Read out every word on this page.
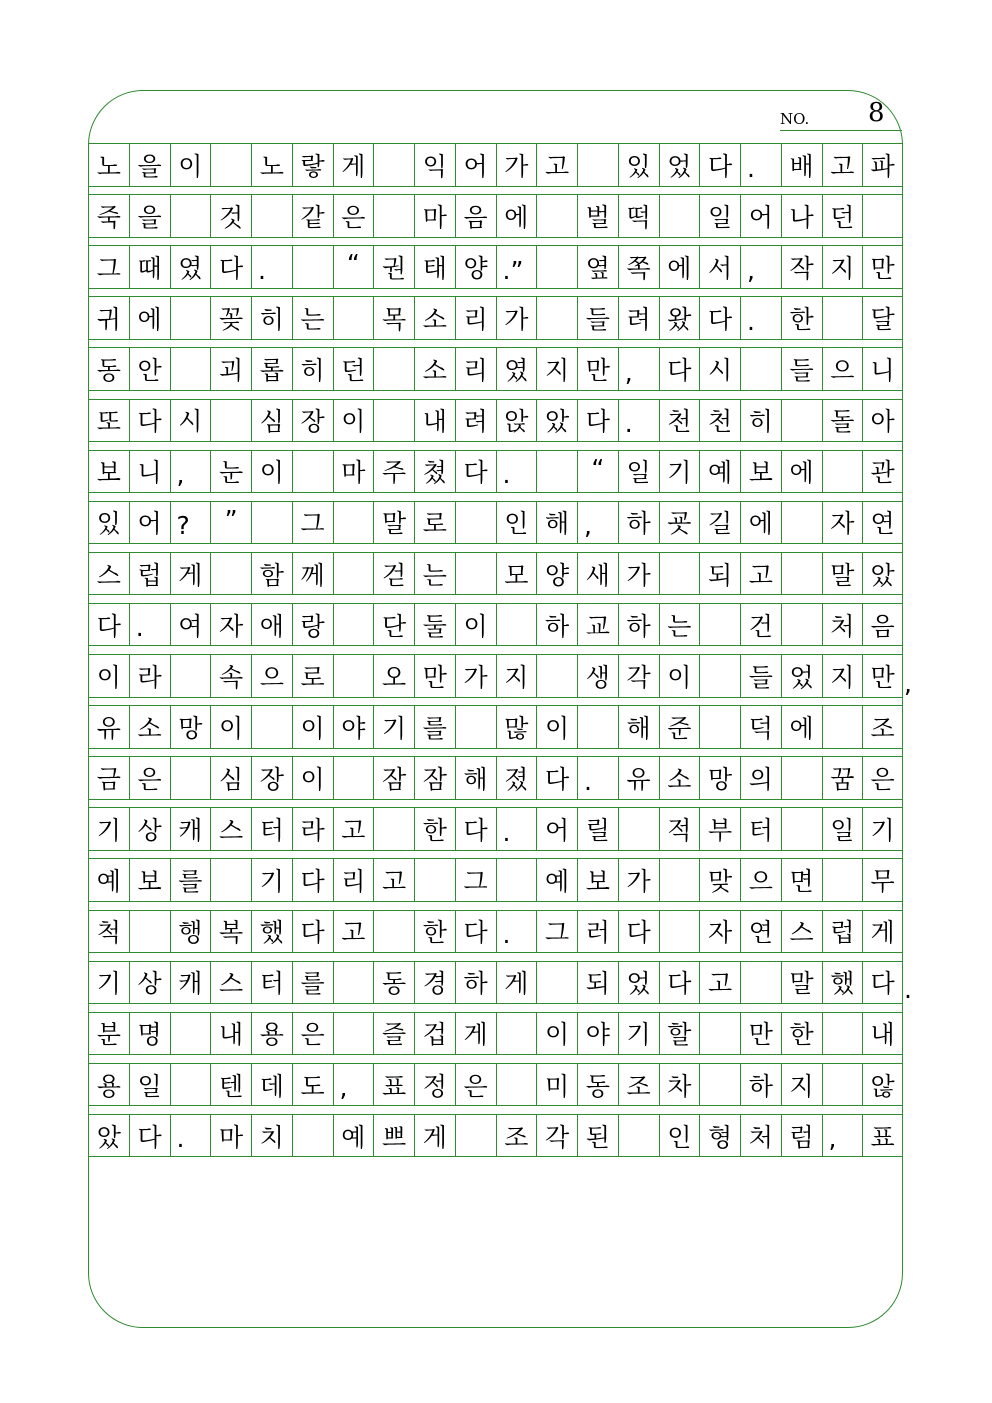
NO. 8
노 을 이	노 랗 게	익 어 가 고	있 었 다 .	배 고 파
죽 을	것	같 은	마 음 에	벌 떡	일 어 나 던
그 때 였 다 .	“ 권 태 양 .”	옆 쪽 에 서 ,	작 지 만
귀 에	꽂 히 는	목 소 리 가	들 려 왔 다 .	한	달
동 안	괴 롭 히 던	소 리 였 지 만 ,	다 시	들 으 니
또 다 시	심 장 이	내 려 앉 았 다 .	천 천 히	돌 아
보 니 ,	눈 이	마 주 쳤 다 .	“ 일 기 예 보 에	관
있 어 ?	”	그	말 로	인 해 ,	하 굣 길 에	자 연
스 럽 게	함 께	걷 는	모 양 새 가	되 고	말 았
다 .	여 자 애 랑	단 둘 이	하 교 하 는	건	처 음
이 라	속 으 로	오 만 가 지	생 각 이	들 었 지 만 ,
유 소 망 이	이 야 기 를	많 이	해 준	덕 에	조
금 은	심 장 이	잠 잠 해 졌 다 .	유 소 망 의	꿈 은
기 상 캐 스 터 라 고	한 다 .	어 릴	적 부 터	일 기
예 보 를	기 다 리 고	그	예 보 가	맞 으 면	무
척	행 복 했 다 고	한 다 .	그 러 다	자 연 스 럽 게
기 상 캐 스 터 를	동 경 하 게	되 었 다 고	말 했 다 .
분 명	내 용 은	즐 겁 게	이 야 기 할	만 한	내
용 일	텐 데 도 ,	표 정 은	미 동 조 차	하 지	않
았 다 .	마 치	예 쁘 게	조 각 된	인 형 처 럼 ,	표
